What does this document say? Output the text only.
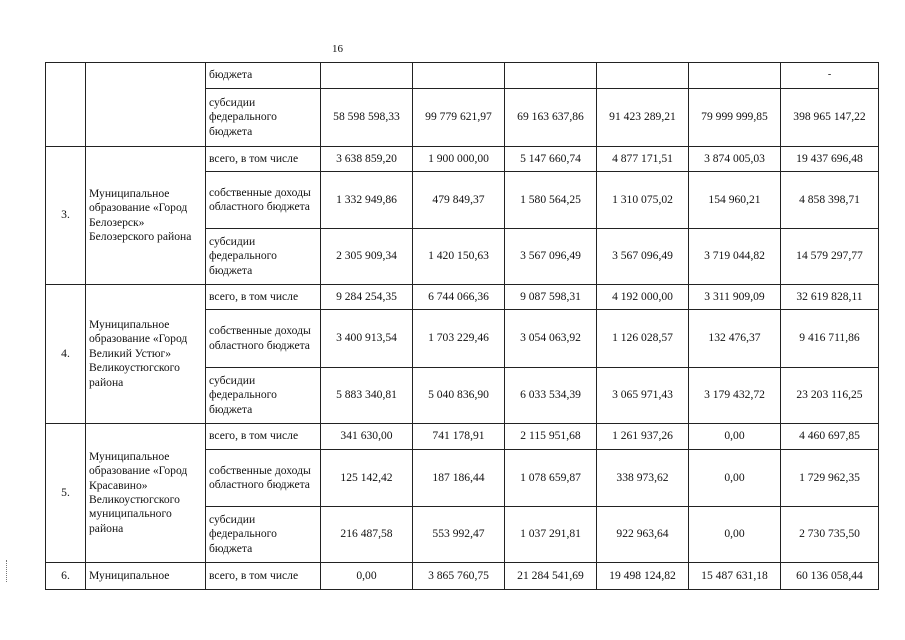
16
		бюджета						-
		субсидии федерального бюджета	58 598 598,33	99 779 621,97	69 163 637,86	91 423 289,21	79 999 999,85	398 965 147,22
3.	Муниципальное образование «Город Белозерск» Белозерского района	всего, в том числе	3 638 859,20	1 900 000,00	5 147 660,74	4 877 171,51	3 874 005,03	19 437 696,48
		собственные доходы областного бюджета	1 332 949,86	479 849,37	1 580 564,25	1 310 075,02	154 960,21	4 858 398,71
		субсидии федерального бюджета	2 305 909,34	1 420 150,63	3 567 096,49	3 567 096,49	3 719 044,82	14 579 297,77
4.	Муниципальное образование «Город Великий Устюг» Великоустюгского района	всего, в том числе	9 284 254,35	6 744 066,36	9 087 598,31	4 192 000,00	3 311 909,09	32 619 828,11
		собственные доходы областного бюджета	3 400 913,54	1 703 229,46	3 054 063,92	1 126 028,57	132 476,37	9 416 711,86
		субсидии федерального бюджета	5 883 340,81	5 040 836,90	6 033 534,39	3 065 971,43	3 179 432,72	23 203 116,25
5.	Муниципальное образование «Город Красавино» Великоустюгского муниципального района	всего, в том числе	341 630,00	741 178,91	2 115 951,68	1 261 937,26	0,00	4 460 697,85
		собственные доходы областного бюджета	125 142,42	187 186,44	1 078 659,87	338 973,62	0,00	1 729 962,35
		субсидии федерального бюджета	216 487,58	553 992,47	1 037 291,81	922 963,64	0,00	2 730 735,50
6.	Муниципальное	всего, в том числе	0,00	3 865 760,75	21 284 541,69	19 498 124,82	15 487 631,18	60 136 058,44
